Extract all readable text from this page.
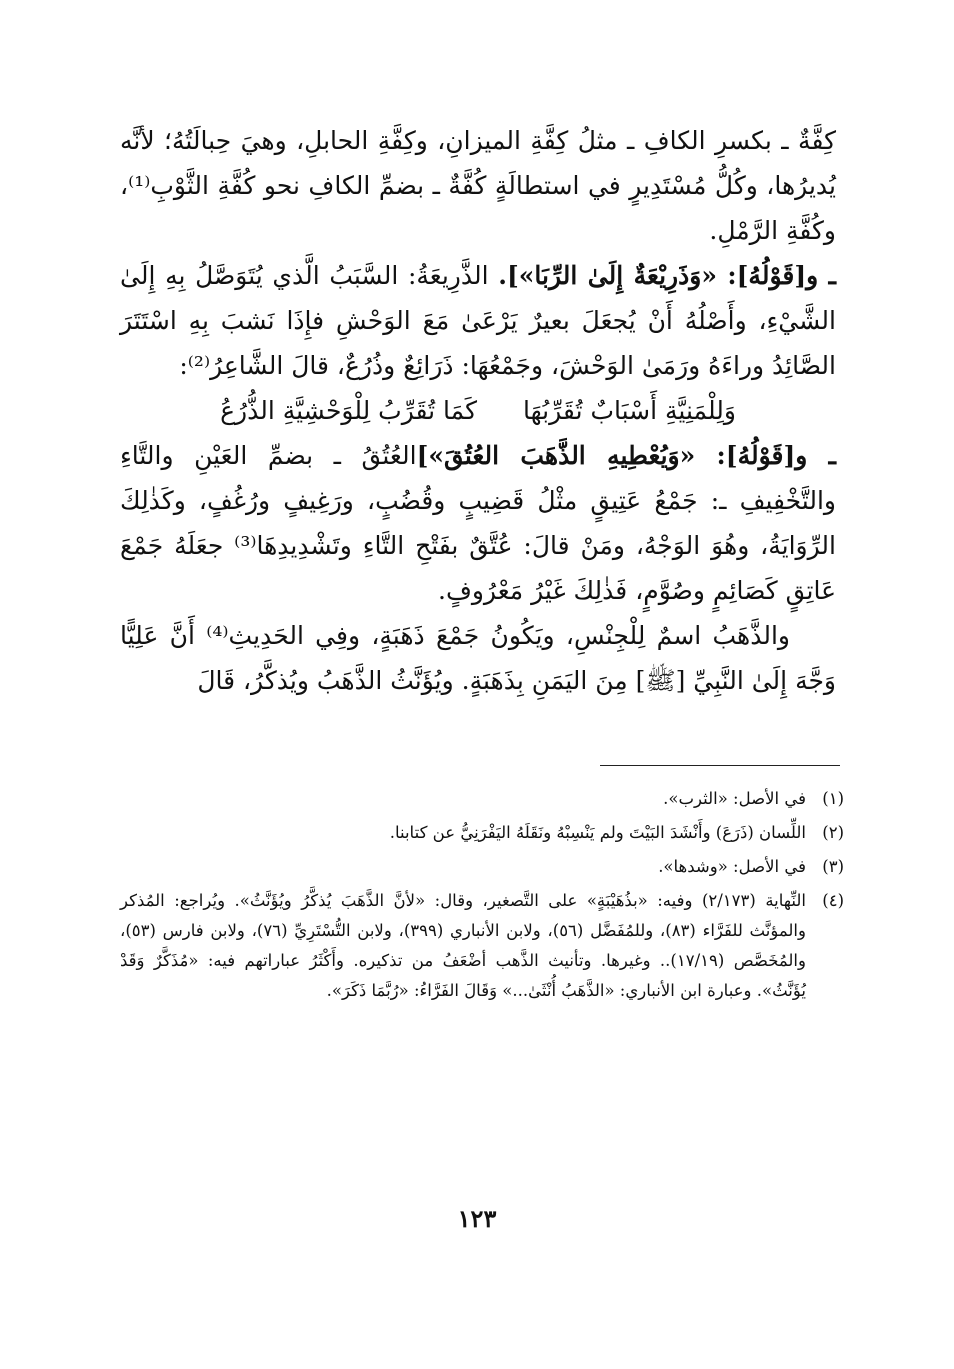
كِفَّةٌ ـ بكسرِ الكافِ ـ مثلُ كِفَّةِ الميزانِ، وكِفَّةِ الحابلِ، وهيَ حِبالَتُهُ؛ لأنَّه يُديرُها، وكُلُّ مُسْتَدِيرٍ في استطالَةٍ كُفَّةٌ ـ بضمِّ الكافِ نحو كُفَّةِ الثَّوْبِ⁽¹⁾، وكُفَّةِ الرَّمْلِ.

ـ و[قَوْلُهُ]: «وَذَرِيْعَةٌ إِلَىٰ الرِّبَا»]. الذَّرِيعَةُ: السَّبَبُ الَّذي يُتَوَصَّلُ بِهِ إِلَىٰ الشَّيْءِ، وأَصْلُهُ أَنْ يُجعَلَ بعيرٌ يَرْعَىٰ مَعَ الوَحْشِ فإِذَا نَشبَ بِهِ اسْتَتَرَ الصَّائِدُ وراءَهُ ورَمَىٰ الوَحْشَ، وجَمْعُهَا: ذَرَائِعٌ وذُرُعٌ، قالَ الشَّاعِرُ⁽²⁾:

وَلِلْمَنِيَّةِ أَسْبَابٌ تُقَرِّبُهَا
كَمَا تُقَرِّبُ لِلْوَحْشِيَّةِ الذُّرُعُ

ـ و[قَوْلُهُ]: «وَيُعْطِيهِ الذَّهَبَ العُتُقَ»]العُتُقُ ـ بضمِّ العَيْنِ والتَّاءِ والتَّخْفِيفِ ـ: جَمْعُ عَتِيقٍ مثْلُ قَضِيبٍ وقُضُبٍ، ورَغِيفٍ ورُغُفٍ، وكَذٰلِكَ الرِّوَايَةُ، وهُوَ الوَجْهُ، ومَنْ قالَ: عُتَّقٌ بفَتْحِ التَّاءِ وتَشْدِيدِهَا⁽³⁾ جعَلَهُ جَمْعَ عَاتِقٍ كَصَائِمٍ وصُوَّمٍ، فَذٰلِكَ غَيْرُ مَعْرُوفٍ.

والذَّهَبُ اسمٌ لِلْجِنْسِ، ويَكُونُ جَمْعَ ذَهَبَةٍ، وفِي الحَدِيثِ⁽⁴⁾ أَنَّ عَلِيًّا وَجَّهَ إِلَىٰ النَّبِيِّ [ﷺ] مِنَ اليَمَنِ بِذَهَبَةٍ. ويُؤَنَّثُ الذَّهَبُ ويُذكَّرُ، قَالَ

(١)
في الأصل: «الثرب».
(٢)
اللِّسان (ذَرَعَ) وأَنْشَدَ البَيْتَ ولم يَنْسِبْهُ ونَقَلَهُ اليَفْرَنِيُّ عن كتابنا.
(٣)
في الأصل: «وشدها».
(٤)
النِّهاية (٢/١٧٣) وفيه: «بذُهَيْبَةٍ» على التَّصغير، وقال: «لأنَّ الذَّهَبَ يُذكَّرُ ويُؤَنَّثُ». ويُراجع: المُذكر والمؤنَّث للفَرَّاء (٨٣)، وللمُفَضَّل (٥٦)، ولابن الأنباري (٣٩٩)، ولابن التُّسْتَرِيِّ (٧٦)، ولابن فارس (٥٣)، والمُخَصَّص (١٧/١٩).. وغيرها. وتأنيث الذَّهب أضْعَفُ من تذكيره. وأَكْثَرُ عباراتهم فيه: «مُذَكَّرٌ وَقَدْ يُؤَنَّثُ». وعبارة ابن الأنباري: «الذَّهَبُ أُنْثَىٰ...» وَقَالَ الفَرَّاءُ: «رُبَّمَا ذَكَرَ».
١٢٣
